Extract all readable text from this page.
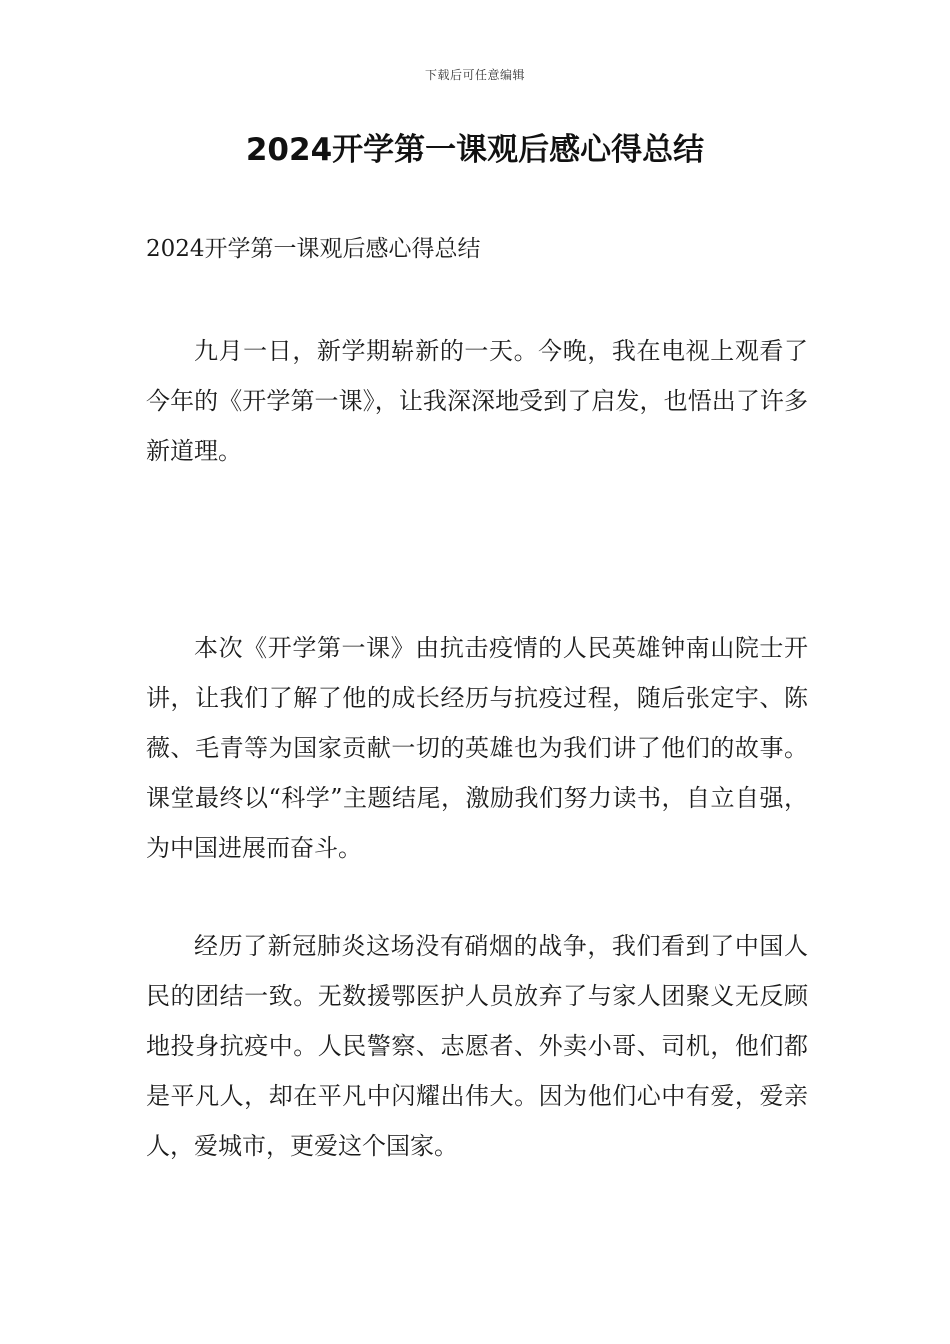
下载后可任意编辑
2024开学第一课观后感心得总结

2024开学第一课观后感心得总结

九月一日，新学期崭新的一天。今晚，我在电视上观看了今年的《开学第一课》，让我深深地受到了启发，也悟出了许多新道理。

本次《开学第一课》由抗击疫情的人民英雄钟南山院士开讲，让我们了解了他的成长经历与抗疫过程，随后张定宇、陈薇、毛青等为国家贡献一切的英雄也为我们讲了他们的故事。课堂最终以“科学”主题结尾，激励我们努力读书，自立自强，为中国进展而奋斗。

经历了新冠肺炎这场没有硝烟的战争，我们看到了中国人民的团结一致。无数援鄂医护人员放弃了与家人团聚义无反顾地投身抗疫中。人民警察、志愿者、外卖小哥、司机，他们都是平凡人，却在平凡中闪耀出伟大。因为他们心中有爱，爱亲人，爱城市，更爱这个国家。
